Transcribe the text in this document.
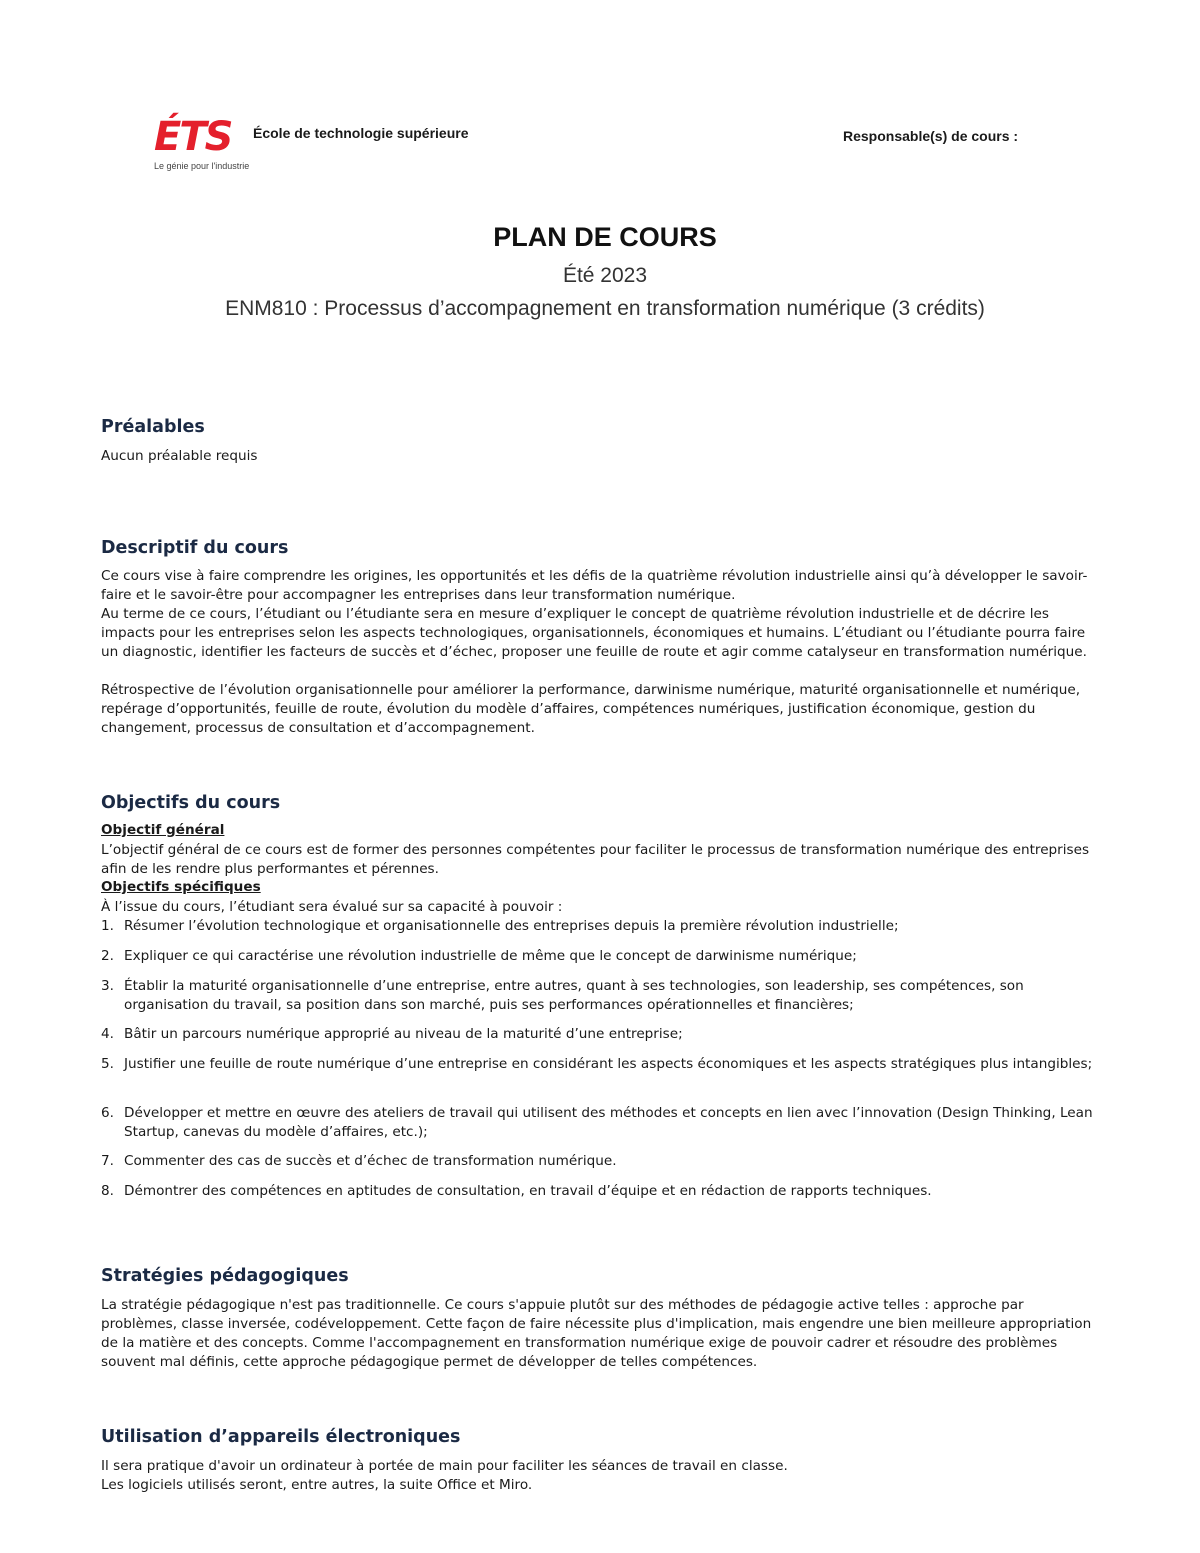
ÉTS
Le génie pour l'industrie
École de technologie supérieure	Responsable(s) de cours :
PLAN DE COURS
Été 2023
ENM810 : Processus d’accompagnement en transformation numérique (3 crédits)
Préalables
Aucun préalable requis
Descriptif du cours
Ce cours vise à faire comprendre les origines, les opportunités et les défis de la quatrième révolution industrielle ainsi qu’à développer le savoir-faire et le savoir-être pour accompagner les entreprises dans leur transformation numérique.
Au terme de ce cours, l’étudiant ou l’étudiante sera en mesure d’expliquer le concept de quatrième révolution industrielle et de décrire les impacts pour les entreprises selon les aspects technologiques, organisationnels, économiques et humains. L’étudiant ou l’étudiante pourra faire un diagnostic, identifier les facteurs de succès et d’échec, proposer une feuille de route et agir comme catalyseur en transformation numérique.
Rétrospective de l’évolution organisationnelle pour améliorer la performance, darwinisme numérique, maturité organisationnelle et numérique, repérage d’opportunités, feuille de route, évolution du modèle d’affaires, compétences numériques, justification économique, gestion du changement, processus de consultation et d’accompagnement.
Objectifs du cours
Objectif général
L’objectif général de ce cours est de former des personnes compétentes pour faciliter le processus de transformation numérique des entreprises afin de les rendre plus performantes et pérennes.
Objectifs spécifiques
À l’issue du cours, l’étudiant sera évalué sur sa capacité à pouvoir :
1. Résumer l’évolution technologique et organisationnelle des entreprises depuis la première révolution industrielle;
2. Expliquer ce qui caractérise une révolution industrielle de même que le concept de darwinisme numérique;
3. Établir la maturité organisationnelle d’une entreprise, entre autres, quant à ses technologies, son leadership, ses compétences, son organisation du travail, sa position dans son marché, puis ses performances opérationnelles et financières;
4. Bâtir un parcours numérique approprié au niveau de la maturité d’une entreprise;
5. Justifier une feuille de route numérique d’une entreprise en considérant les aspects économiques et les aspects stratégiques plus intangibles;
6. Développer et mettre en œuvre des ateliers de travail qui utilisent des méthodes et concepts en lien avec l’innovation (Design Thinking, Lean Startup, canevas du modèle d’affaires, etc.);
7. Commenter des cas de succès et d’échec de transformation numérique.
8. Démontrer des compétences en aptitudes de consultation, en travail d’équipe et en rédaction de rapports techniques.
Stratégies pédagogiques
La stratégie pédagogique n'est pas traditionnelle. Ce cours s'appuie plutôt sur des méthodes de pédagogie active telles : approche par problèmes, classe inversée, codéveloppement. Cette façon de faire nécessite plus d'implication, mais engendre une bien meilleure appropriation de la matière et des concepts. Comme l'accompagnement en transformation numérique exige de pouvoir cadrer et résoudre des problèmes souvent mal définis, cette approche pédagogique permet de développer de telles compétences.
Utilisation d’appareils électroniques
Il sera pratique d'avoir un ordinateur à portée de main pour faciliter les séances de travail en classe.
Les logiciels utilisés seront, entre autres, la suite Office et Miro.
